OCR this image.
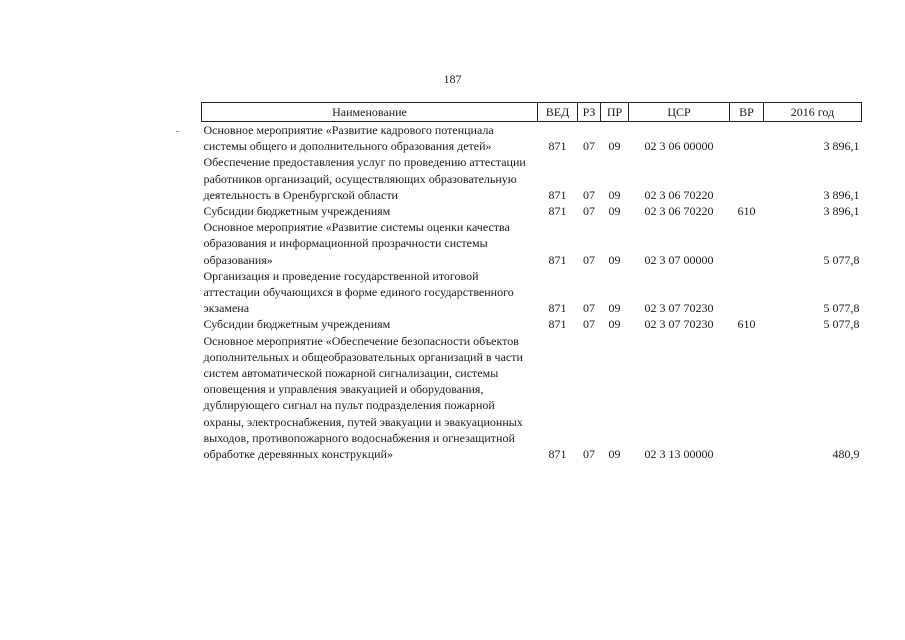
187
Наименование	ВЕД	РЗ	ПР	ЦСР	ВР	2016 год
Основное мероприятие «Развитие кадрового потенциала системы общего и дополнительного образования детей»	871	07	09	02 3 06 00000		3 896,1
Обеспечение предоставления услуг по проведению аттестации работников организаций, осуществляющих образовательную деятельность в Оренбургской области	871	07	09	02 3 06 70220		3 896,1
Субсидии бюджетным учреждениям	871	07	09	02 3 06 70220	610	3 896,1
Основное мероприятие «Развитие системы оценки качества образования и информационной прозрачности системы образования»	871	07	09	02 3 07 00000		5 077,8
Организация и проведение государственной итоговой аттестации обучающихся в форме единого государственного экзамена	871	07	09	02 3 07 70230		5 077,8
Субсидии бюджетным учреждениям	871	07	09	02 3 07 70230	610	5 077,8
Основное мероприятие «Обеспечение безопасности объектов дополнительных и общеобразовательных организаций в части систем автоматической пожарной сигнализации, системы оповещения и управления эвакуацией и оборудования, дублирующего сигнал на пульт подразделения пожарной охраны, электроснабжения, путей эвакуации и эвакуационных выходов, противопожарного водоснабжения и огнезащитной обработке деревянных конструкций»	871	07	09	02 3 13 00000		480,9
